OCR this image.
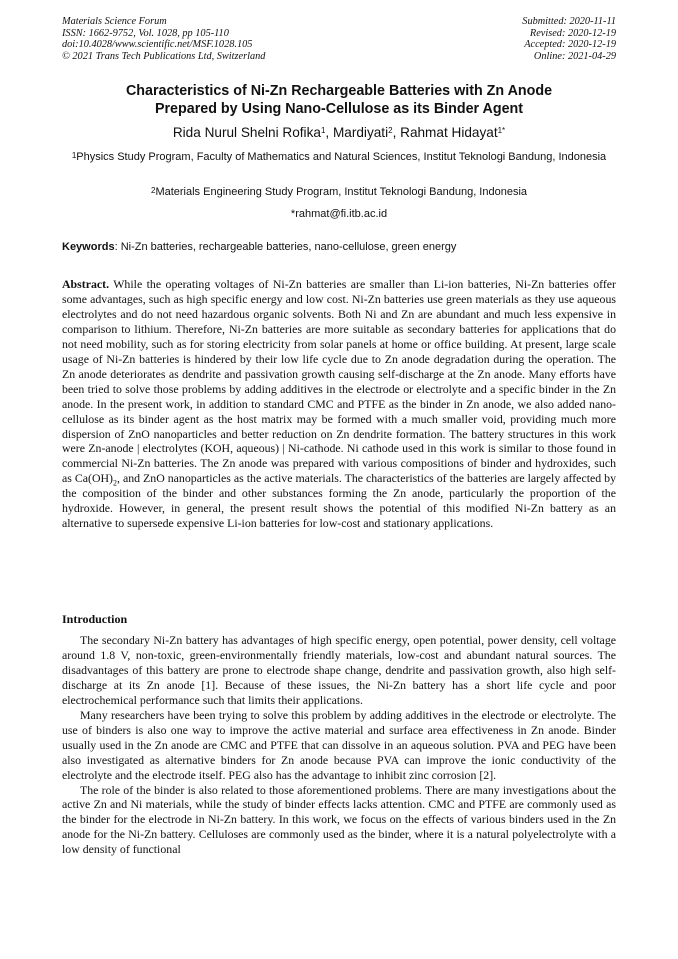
Materials Science Forum
ISSN: 1662-9752, Vol. 1028, pp 105-110
doi:10.4028/www.scientific.net/MSF.1028.105
© 2021 Trans Tech Publications Ltd, Switzerland
Submitted: 2020-11-11
Revised: 2020-12-19
Accepted: 2020-12-19
Online: 2021-04-29
Characteristics of Ni-Zn Rechargeable Batteries with Zn Anode
Prepared by Using Nano-Cellulose as its Binder Agent
Rida Nurul Shelni Rofika$^1$, Mardiyati$^2$, Rahmat Hidayat$^{1*}$
$^1$Physics Study Program, Faculty of Mathematics and Natural Sciences, Institut Teknologi Bandung, Indonesia
$^2$Materials Engineering Study Program, Institut Teknologi Bandung, Indonesia
*rahmat@fi.itb.ac.id
Keywords: Ni-Zn batteries, rechargeable batteries, nano-cellulose, green energy
Abstract. While the operating voltages of Ni-Zn batteries are smaller than Li-ion batteries, Ni-Zn batteries offer some advantages, such as high specific energy and low cost. Ni-Zn batteries use green materials as they use aqueous electrolytes and do not need hazardous organic solvents. Both Ni and Zn are abundant and much less expensive in comparison to lithium. Therefore, Ni-Zn batteries are more suitable as secondary batteries for applications that do not need mobility, such as for storing electricity from solar panels at home or office building. At present, large scale usage of Ni-Zn batteries is hindered by their low life cycle due to Zn anode degradation during the operation. The Zn anode deteriorates as dendrite and passivation growth causing self-discharge at the Zn anode. Many efforts have been tried to solve those problems by adding additives in the electrode or electrolyte and a specific binder in the Zn anode. In the present work, in addition to standard CMC and PTFE as the binder in Zn anode, we also added nano-cellulose as its binder agent as the host matrix may be formed with a much smaller void, providing much more dispersion of ZnO nanoparticles and better reduction on Zn dendrite formation. The battery structures in this work were Zn-anode | electrolytes (KOH, aqueous) | Ni-cathode. Ni cathode used in this work is similar to those found in commercial Ni-Zn batteries. The Zn anode was prepared with various compositions of binder and hydroxides, such as $Ca(OH)_2$, and ZnO nanoparticles as the active materials. The characteristics of the batteries are largely affected by the composition of the binder and other substances forming the Zn anode, particularly the proportion of the hydroxide. However, in general, the present result shows the potential of this modified Ni-Zn battery as an alternative to supersede expensive Li-ion batteries for low-cost and stationary applications.
Introduction

The secondary Ni-Zn battery has advantages of high specific energy, open potential, power density, cell voltage around 1.8 V, non-toxic, green-environmentally friendly materials, low-cost and abundant natural sources. The disadvantages of this battery are prone to electrode shape change, dendrite and passivation growth, also high self-discharge at its Zn anode [1]. Because of these issues, the Ni-Zn battery has a short life cycle and poor electrochemical performance such that limits their applications.

Many researchers have been trying to solve this problem by adding additives in the electrode or electrolyte. The use of binders is also one way to improve the active material and surface area effectiveness in Zn anode. Binder usually used in the Zn anode are CMC and PTFE that can dissolve in an aqueous solution. PVA and PEG have been also investigated as alternative binders for Zn anode because PVA can improve the ionic conductivity of the electrolyte and the electrode itself. PEG also has the advantage to inhibit zinc corrosion [2].

The role of the binder is also related to those aforementioned problems. There are many investigations about the active Zn and Ni materials, while the study of binder effects lacks attention. CMC and PTFE are commonly used as the binder for the electrode in Ni-Zn battery. In this work, we focus on the effects of various binders used in the Zn anode for the Ni-Zn battery. Celluloses are commonly used as the binder, where it is a natural polyelectrolyte with a low density of functional
